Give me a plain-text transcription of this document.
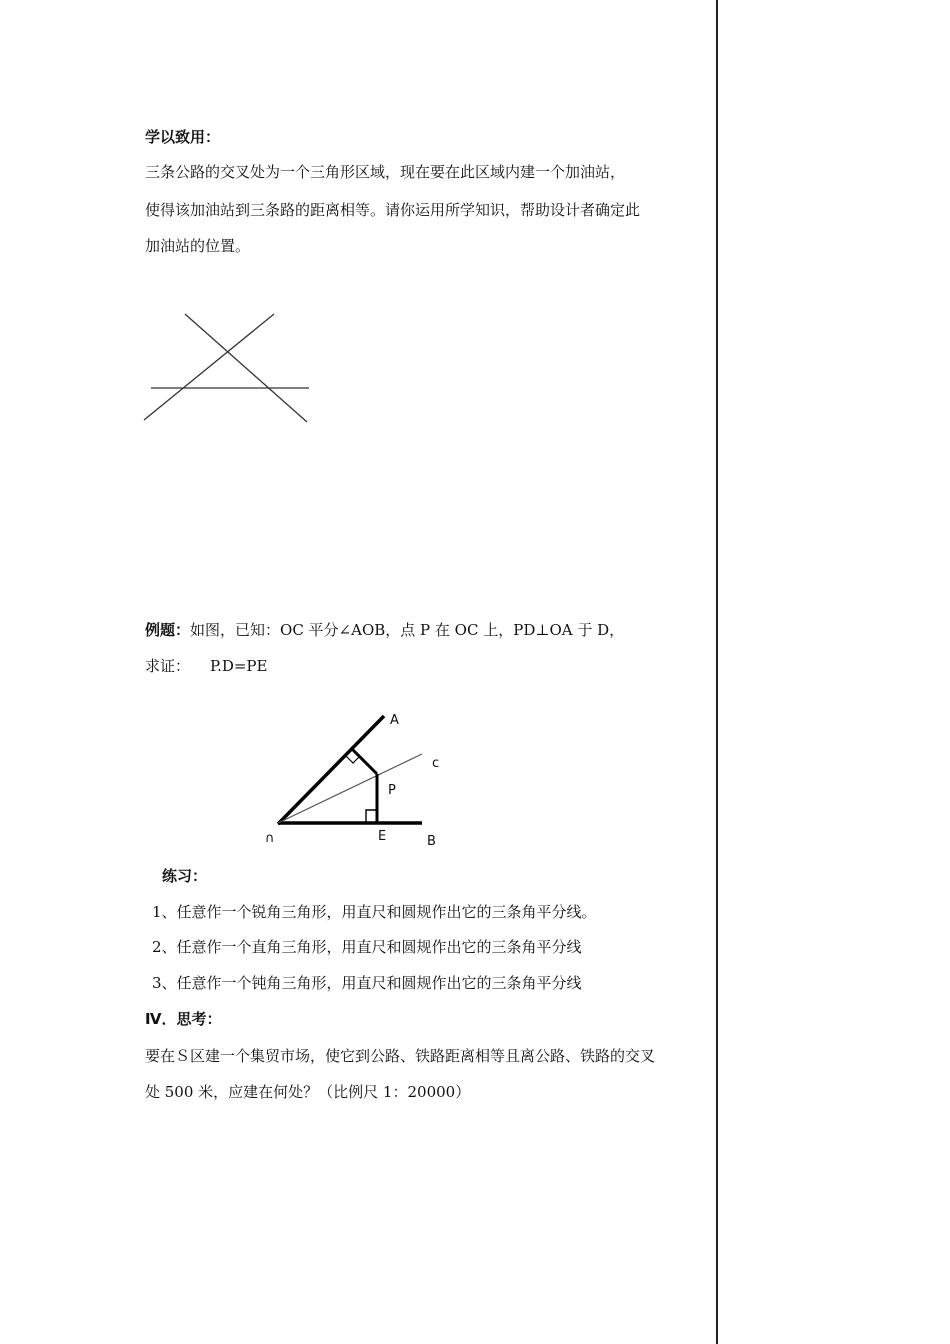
学以致用：
三条公路的交叉处为一个三角形区域，现在要在此区域内建一个加油站，
使得该加油站到三条路的距离相等。请你运用所学知识，帮助设计者确定此
加油站的位置。
例题：如图，已知：OC 平分∠AOB，点 P 在 OC 上，PD⊥OA 于 D，
求证： P.D=PE
A
c
P
∩	E	B
练习：
1、任意作一个锐角三角形，用直尺和圆规作出它的三条角平分线。
2、任意作一个直角三角形，用直尺和圆规作出它的三条角平分线
3、任意作一个钝角三角形，用直尺和圆规作出它的三条角平分线
Ⅳ．思考：
要在Ｓ区建一个集贸市场，使它到公路、铁路距离相等且离公路、铁路的交叉
处 500 米，应建在何处？（比例尺 1：20000）
